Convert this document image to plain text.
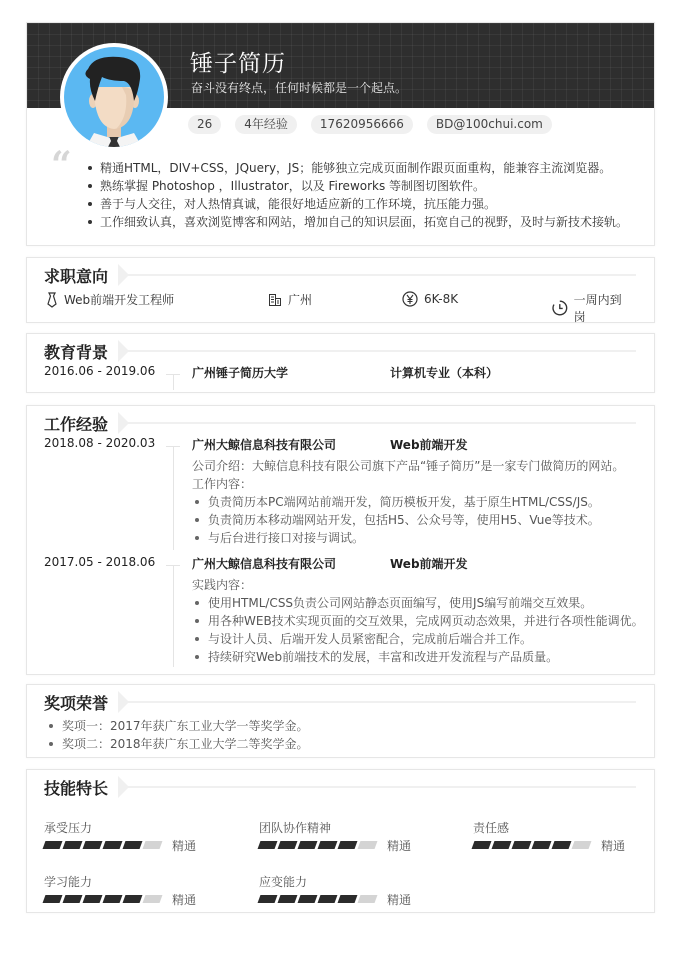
锤子简历
奋斗没有终点，任何时候都是一个起点。
26	4年经验	17620956666	BD@100chui.com
“	精通HTML，DIV+CSS，JQuery，JS；能够独立完成页面制作跟页面重构，能兼容主流浏览器。
熟练掌握 Photoshop ，Illustrator，以及 Fireworks 等制图切图软件。
善于与人交往，对人热情真诚，能很好地适应新的工作环境，抗压能力强。
工作细致认真，喜欢浏览博客和网站，增加自己的知识层面，拓宽自己的视野，及时与新技术接轨。
求职意向
Web前端开发工程师	广州	6K-8K	一周内到岗
教育背景
2016.06 - 2019.06	广州锤子简历大学	计算机专业（本科）
工作经验
2018.08 - 2020.03	广州大鲸信息科技有限公司	Web前端开发

公司介绍：大鲸信息科技有限公司旗下产品“锤子简历”是一家专门做简历的网站。

工作内容：

负责简历本PC端网站前端开发，简历模板开发，基于原生HTML/CSS/JS。
负责简历本移动端网站开发，包括H5、公众号等，使用H5、Vue等技术。
与后台进行接口对接与调试。
2017.05 - 2018.06	广州大鲸信息科技有限公司	Web前端开发

实践内容：

使用HTML/CSS负责公司网站静态页面编写，使用JS编写前端交互效果。
用各种WEB技术实现页面的交互效果，完成网页动态效果，并进行各项性能调优。
与设计人员、后端开发人员紧密配合，完成前后端合并工作。
持续研究Web前端技术的发展，丰富和改进开发流程与产品质量。
奖项荣誉
奖项一：2017年获广东工业大学一等奖学金。
奖项二：2018年获广东工业大学二等奖学金。
技能特长
承受压力
精通
团队协作精神
精通
责任感
精通
学习能力
精通
应变能力
精通
